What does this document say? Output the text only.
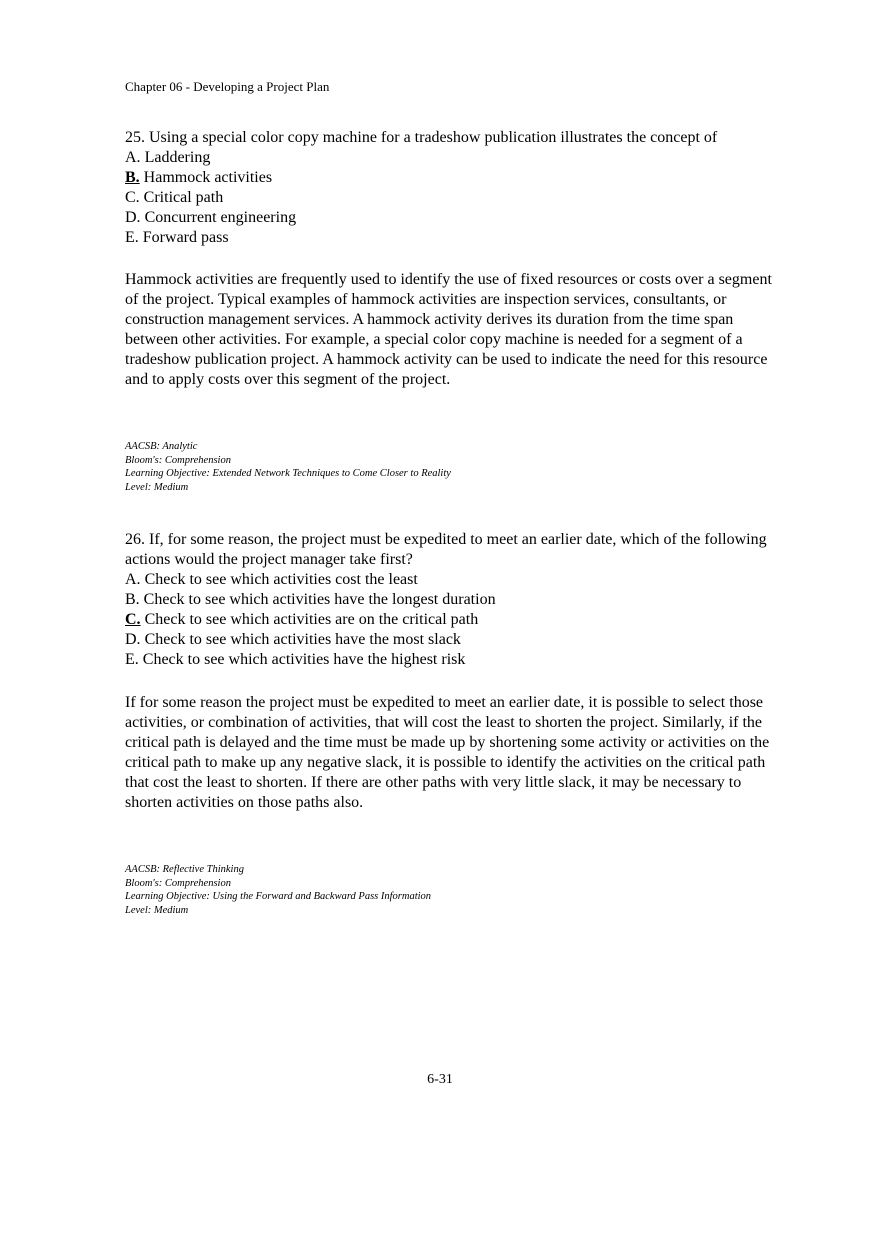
Chapter 06 - Developing a Project Plan
25. Using a special color copy machine for a tradeshow publication illustrates the concept of
A. Laddering
B. Hammock activities
C. Critical path
D. Concurrent engineering
E. Forward pass

Hammock activities are frequently used to identify the use of fixed resources or costs over a segment of the project. Typical examples of hammock activities are inspection services, consultants, or construction management services. A hammock activity derives its duration from the time span between other activities. For example, a special color copy machine is needed for a segment of a tradeshow publication project. A hammock activity can be used to indicate the need for this resource and to apply costs over this segment of the project.

AACSB: Analytic
Bloom's: Comprehension
Learning Objective: Extended Network Techniques to Come Closer to Reality
Level: Medium
26. If, for some reason, the project must be expedited to meet an earlier date, which of the following actions would the project manager take first?
A. Check to see which activities cost the least
B. Check to see which activities have the longest duration
C. Check to see which activities are on the critical path
D. Check to see which activities have the most slack
E. Check to see which activities have the highest risk

If for some reason the project must be expedited to meet an earlier date, it is possible to select those activities, or combination of activities, that will cost the least to shorten the project. Similarly, if the critical path is delayed and the time must be made up by shortening some activity or activities on the critical path to make up any negative slack, it is possible to identify the activities on the critical path that cost the least to shorten. If there are other paths with very little slack, it may be necessary to shorten activities on those paths also.

AACSB: Reflective Thinking
Bloom's: Comprehension
Learning Objective: Using the Forward and Backward Pass Information
Level: Medium
6-31
